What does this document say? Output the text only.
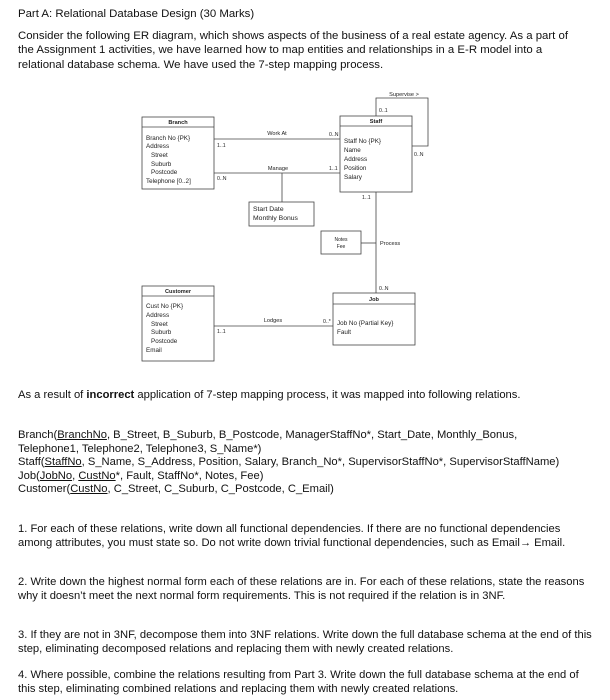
Part A: Relational Database Design (30 Marks)
Consider the following ER diagram, which shows aspects of the business of a real estate agency. As a part of the Assignment 1 activities, we have learned how to map entities and relationships in a E-R model into a relational database schema. We have used the 7-step mapping process.
Branch	Staff
Customer
Job
Branch No {PK}
Address
Street
Suburb
Postcode
Telephone [0..2]
Staff No {PK}
Name
Address
Position
Salary
Cust No {PK}
Address
Street
Suburb
Postcode
Email
Job No {Partial Key}
Fault
Start Date
Monthly Bonus
Notes
Fee
Work At
Manage
Lodges
Process
Supervise >
1..1
0..N
1..1
0..N
0..1
0..N
1..1
0..N
1..1
0..*
As a result of incorrect application of 7-step mapping process, it was mapped into following relations.

Branch(BranchNo, B_Street, B_Suburb, B_Postcode, ManagerStaffNo*, Start_Date, Monthly_Bonus, Telephone1, Telephone2, Telephone3, S_Name*)

Staff(StaffNo, S_Name, S_Address, Position, Salary, Branch_No*, SupervisorStaffNo*, SupervisorStaffName)

Job(JobNo, CustNo*, Fault, StaffNo*, Notes, Fee)

Customer(CustNo, C_Street, C_Suburb, C_Postcode, C_Email)

1. For each of these relations, write down all functional dependencies. If there are no functional dependencies among attributes, you must state so. Do not write down trivial functional dependencies, such as Email→ Email.
2. Write down the highest normal form each of these relations are in. For each of these relations, state the reasons why it doesn’t meet the next normal form requirements. This is not required if the relation is in 3NF.
3. If they are not in 3NF, decompose them into 3NF relations. Write down the full database schema at the end of this step, eliminating decomposed relations and replacing them with newly created relations.
4. Where possible, combine the relations resulting from Part 3. Write down the full database schema at the end of this step, eliminating combined relations and replacing them with newly created relations.
